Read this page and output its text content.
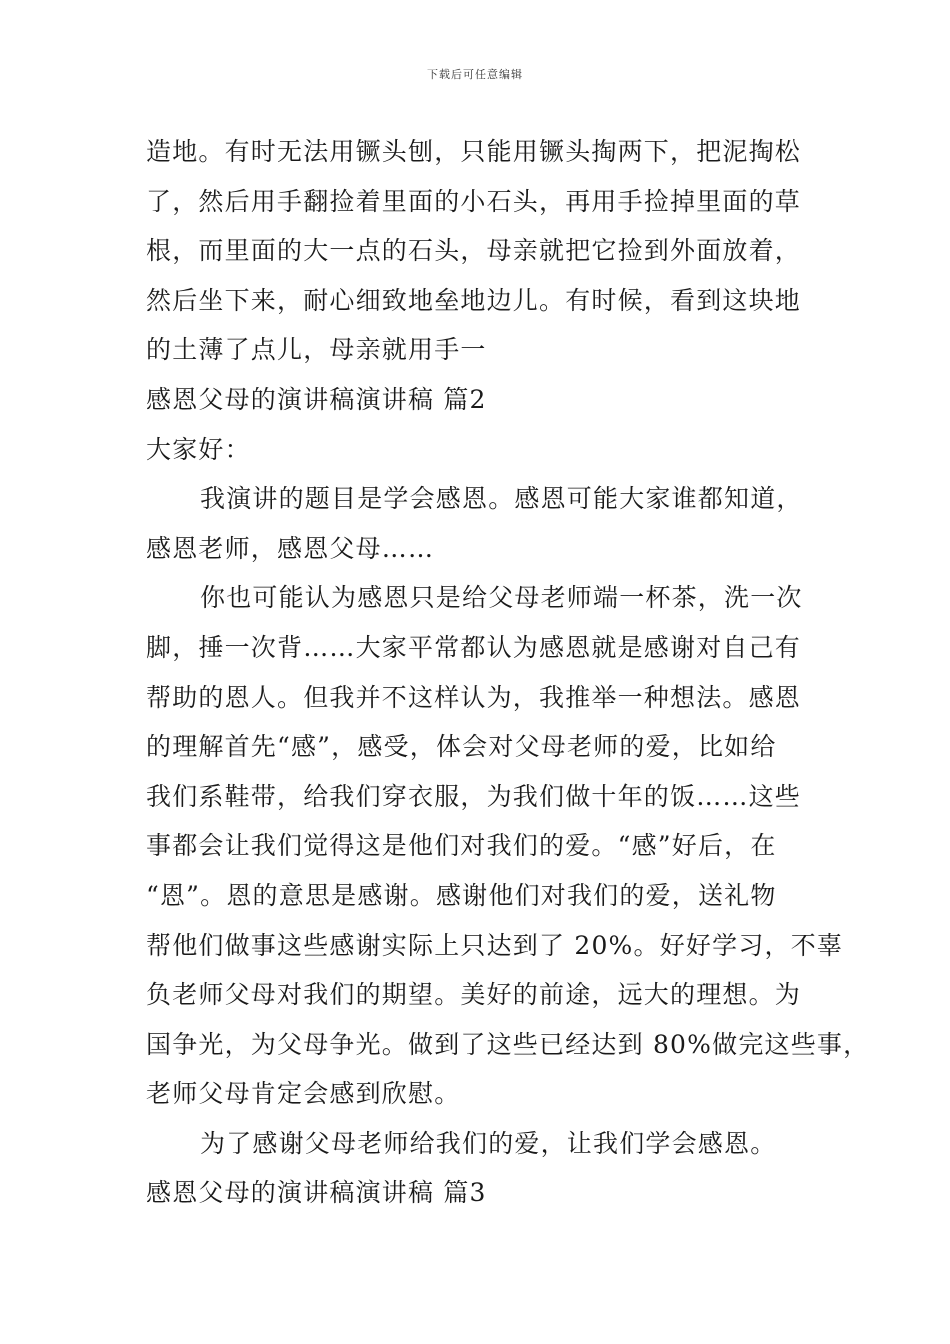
下载后可任意编辑
造地。有时无法用镢头刨，只能用镢头掏两下，把泥掏松
了，然后用手翻捡着里面的小石头，再用手捡掉里面的草
根，而里面的大一点的石头，母亲就把它捡到外面放着，
然后坐下来，耐心细致地垒地边儿。有时候，看到这块地
的土薄了点儿，母亲就用手一
感恩父母的演讲稿演讲稿 篇2
大家好：
我演讲的题目是学会感恩。感恩可能大家谁都知道，
感恩老师，感恩父母……
你也可能认为感恩只是给父母老师端一杯茶，洗一次
脚，捶一次背……大家平常都认为感恩就是感谢对自己有
帮助的恩人。但我并不这样认为，我推举一种想法。感恩
的理解首先“感”，感受，体会对父母老师的爱，比如给
我们系鞋带，给我们穿衣服，为我们做十年的饭……这些
事都会让我们觉得这是他们对我们的爱。“感”好后，在
“恩”。恩的意思是感谢。感谢他们对我们的爱，送礼物
帮他们做事这些感谢实际上只达到了 20%。好好学习，不辜
负老师父母对我们的期望。美好的前途，远大的理想。为
国争光，为父母争光。做到了这些已经达到 80%做完这些事，
老师父母肯定会感到欣慰。
为了感谢父母老师给我们的爱，让我们学会感恩。
感恩父母的演讲稿演讲稿 篇3
